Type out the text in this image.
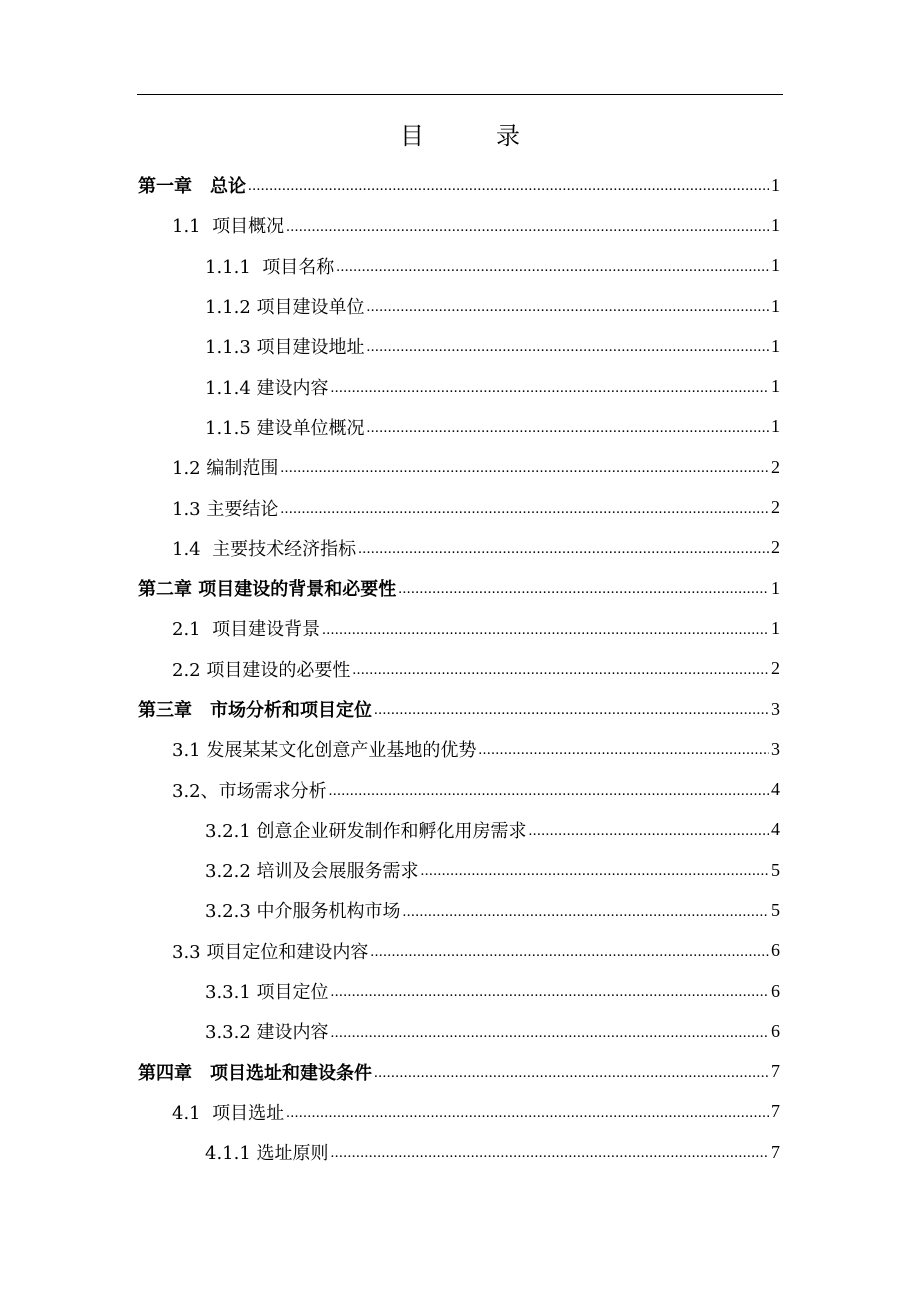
目　录
第一章　总论 .....	1
1.1  项目概况 .....	1
1.1.1  项目名称 .....	1
1.1.2 项目建设单位 .....	1
1.1.3 项目建设地址 .....	1
1.1.4 建设内容 .....	1
1.1.5 建设单位概况 .....	1
1.2 编制范围 .....	2
1.3 主要结论 .....	2
1.4  主要技术经济指标 .....	2
第二章 项目建设的背景和必要性 .....	1
2.1  项目建设背景 .....	1
2.2 项目建设的必要性 .....	2
第三章　市场分析和项目定位 .....	3
3.1 发展某某文化创意产业基地的优势 .....	3
3.2、市场需求分析 .....	4
3.2.1 创意企业研发制作和孵化用房需求 .....	4
3.2.2 培训及会展服务需求 .....	5
3.2.3 中介服务机构市场 .....	5
3.3 项目定位和建设内容 .....	6
3.3.1 项目定位 .....	6
3.3.2 建设内容 .....	6
第四章　项目选址和建设条件 .....	7
4.1  项目选址 .....	7
4.1.1 选址原则 .....	7
